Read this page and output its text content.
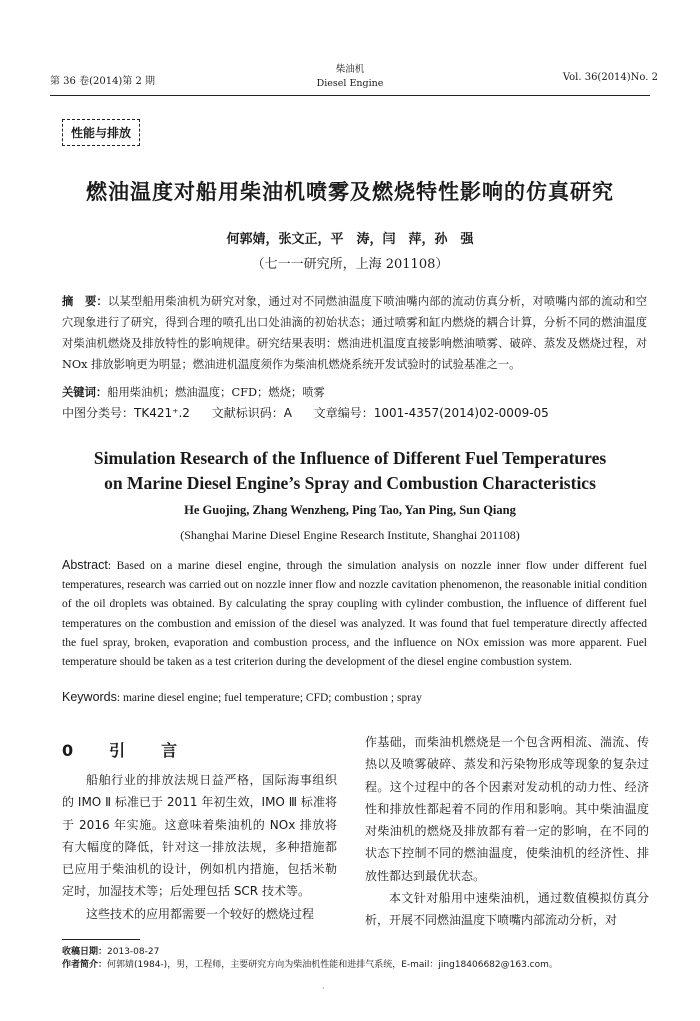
第 36 卷(2014)第 2 期
柴油机
Diesel Engine
Vol. 36(2014)No. 2
性能与排放
燃油温度对船用柴油机喷雾及燃烧特性影响的仿真研究
何郭婧，张文正，平　涛，闫　萍，孙　强
（七一一研究所，上海 201108）
摘　要：以某型船用柴油机为研究对象，通过对不同燃油温度下喷油嘴内部的流动仿真分析，对喷嘴内部的流动和空穴现象进行了研究，得到合理的喷孔出口处油滴的初始状态；通过喷雾和缸内燃烧的耦合计算，分析不同的燃油温度对柴油机燃烧及排放特性的影响规律。研究结果表明：燃油进机温度直接影响燃油喷雾、破碎、蒸发及燃烧过程，对 NOx 排放影响更为明显；燃油进机温度须作为柴油机燃烧系统开发试验时的试验基准之一。
关键词：船用柴油机；燃油温度；CFD；燃烧；喷雾
中图分类号：TK421⁺.2 文献标识码：A 文章编号：1001-4357(2014)02-0009-05
Simulation Research of the Influence of Different Fuel Temperatures
on Marine Diesel Engine’s Spray and Combustion Characteristics
He Guojing, Zhang Wenzheng, Ping Tao, Yan Ping, Sun Qiang
(Shanghai Marine Diesel Engine Research Institute, Shanghai 201108)
Abstract: Based on a marine diesel engine, through the simulation analysis on nozzle inner flow under different fuel temperatures, research was carried out on nozzle inner flow and nozzle cavitation phenomenon, the reasonable initial condition of the oil droplets was obtained. By calculating the spray coupling with cylinder combustion, the influence of different fuel temperatures on the combustion and emission of the diesel was analyzed. It was found that fuel temperature directly affected the fuel spray, broken, evaporation and combustion process, and the influence on NOx emission was more apparent. Fuel temperature should be taken as a test criterion during the development of the diesel engine combustion system.
Keywords: marine diesel engine; fuel temperature; CFD; combustion ; spray
0　引　言

船舶行业的排放法规日益严格，国际海事组织的 IMO Ⅱ 标准已于 2011 年初生效，IMO Ⅲ 标准将于 2016 年实施。这意味着柴油机的 NOx 排放将有大幅度的降低，针对这一排放法规，多种措施都已应用于柴油机的设计，例如机内措施，包括米勒定时，加湿技术等；后处理包括 SCR 技术等。

这些技术的应用都需要一个较好的燃烧过程

作基础，而柴油机燃烧是一个包含两相流、湍流、传热以及喷雾破碎、蒸发和污染物形成等现象的复杂过程。这个过程中的各个因素对发动机的动力性、经济性和排放性都起着不同的作用和影响。其中柴油温度对柴油机的燃烧及排放都有着一定的影响，在不同的状态下控制不同的燃油温度，使柴油机的经济性、排放性都达到最优状态。

本文针对船用中速柴油机，通过数值模拟仿真分析，开展不同燃油温度下喷嘴内部流动分析，对

收稿日期：2013-08-27
作者简介：何郭婧(1984-)，男，工程师，主要研究方向为柴油机性能和进排气系统，E-mail：jing18406682@163.com。
·
